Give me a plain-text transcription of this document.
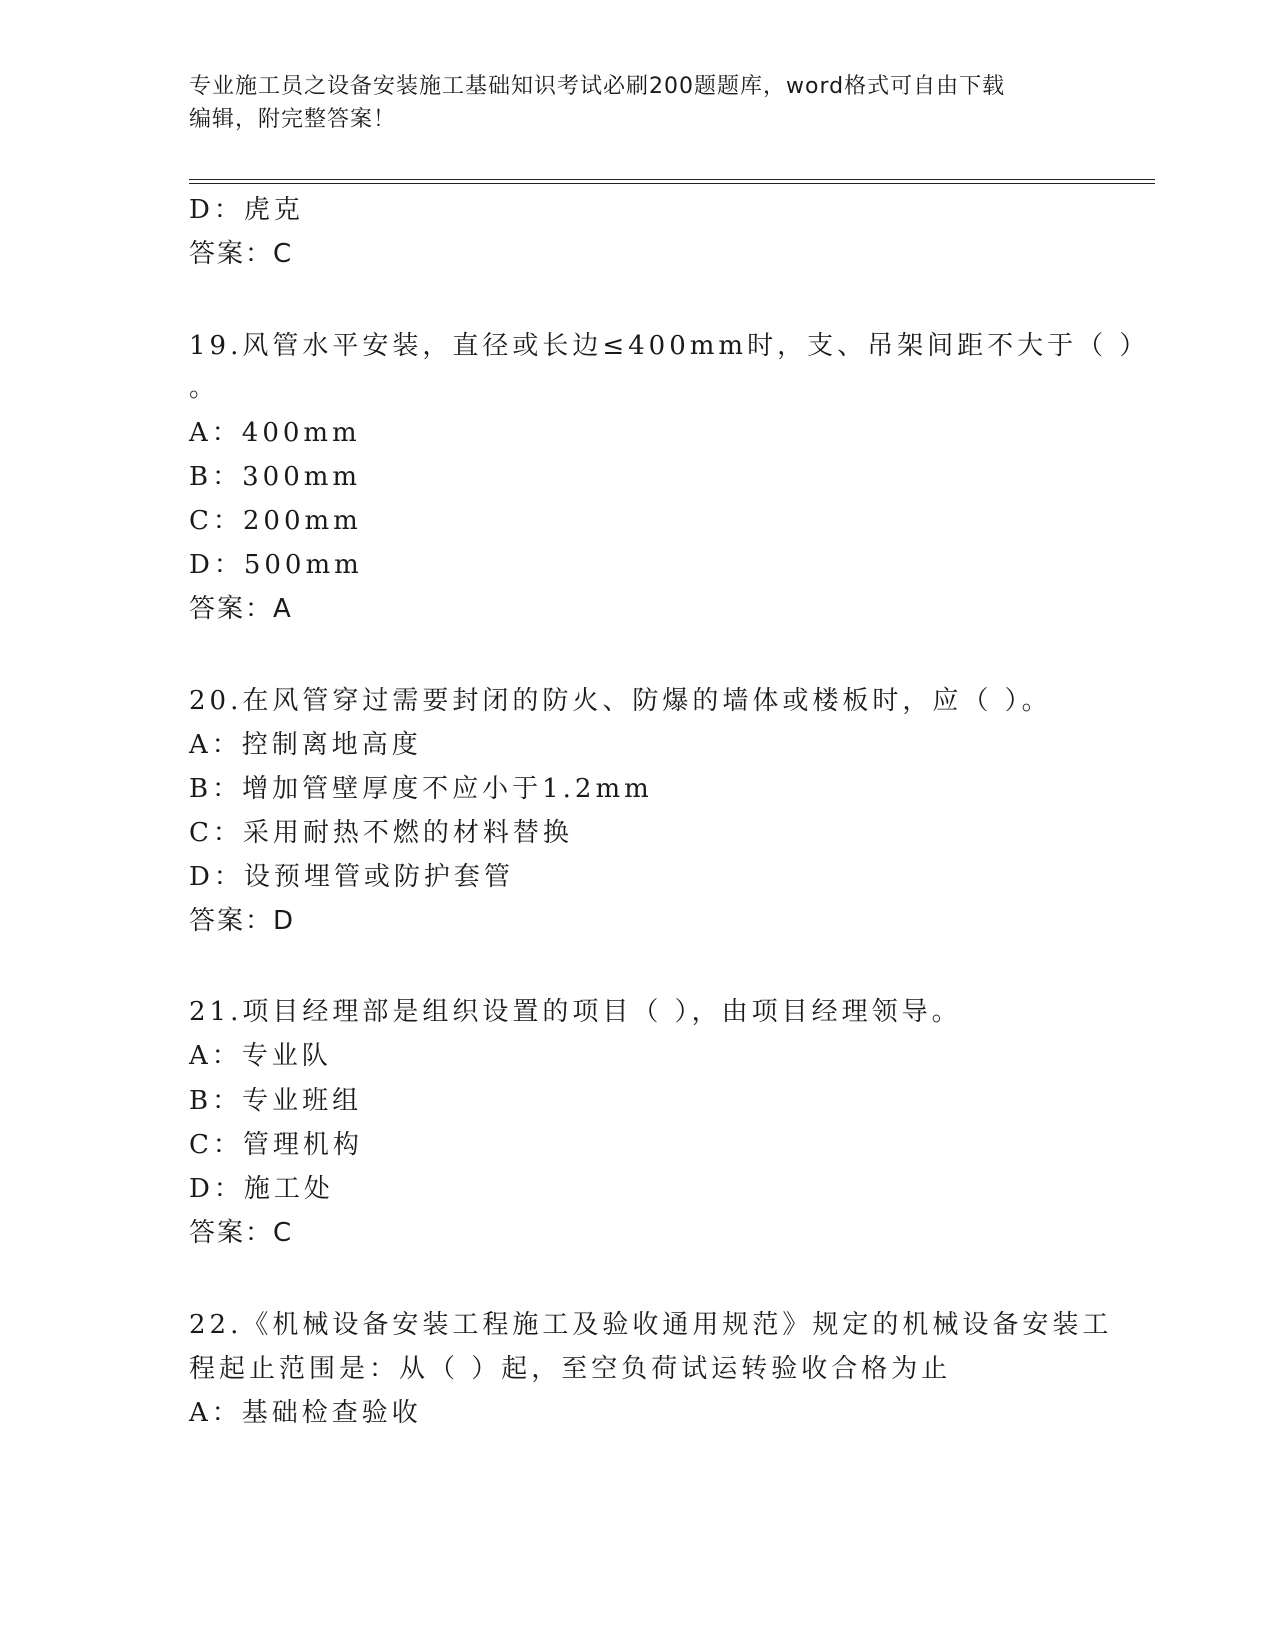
专业施工员之设备安装施工基础知识考试必刷200题题库，word格式可自由下载
编辑，附完整答案！
D：虎克
答案：C
19.风管水平安装，直径或长边≤400mm时，支、吊架间距不大于（ ）
。
A：400mm
B：300mm
C：200mm
D：500mm
答案：A
20.在风管穿过需要封闭的防火、防爆的墙体或楼板时，应（ ）。
A：控制离地高度
B：增加管壁厚度不应小于1.2mm
C：采用耐热不燃的材料替换
D：设预埋管或防护套管
答案：D
21.项目经理部是组织设置的项目（ ），由项目经理领导。
A：专业队
B：专业班组
C：管理机构
D：施工处
答案：C
22.《机械设备安装工程施工及验收通用规范》规定的机械设备安装工
程起止范围是：从（ ）起，至空负荷试运转验收合格为止
A：基础检查验收
